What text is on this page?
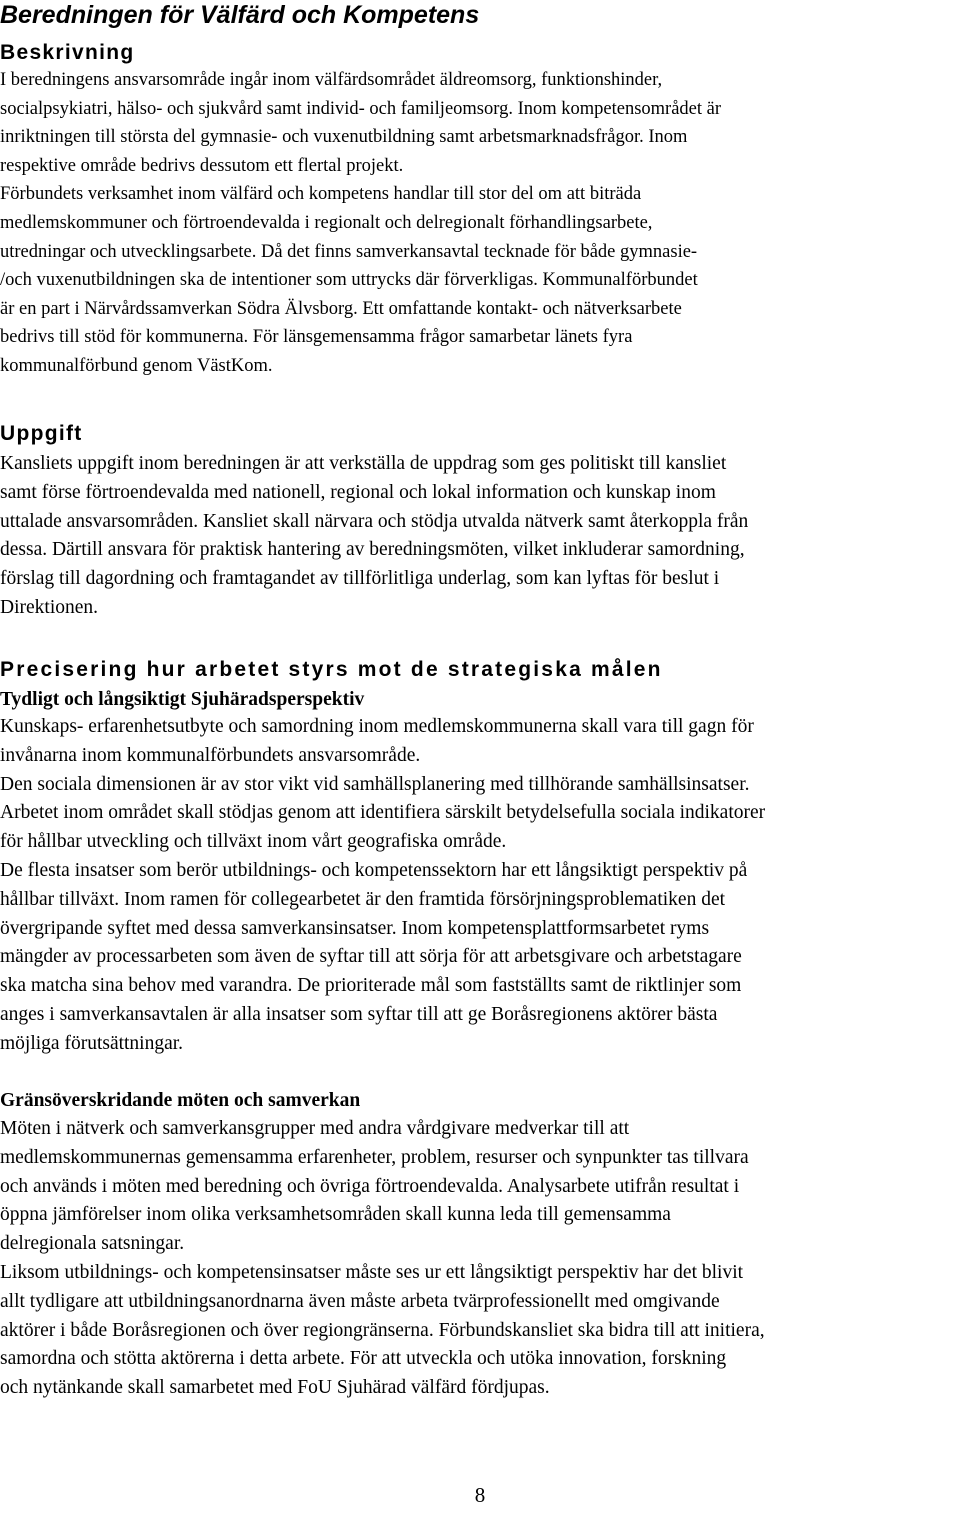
Beredningen för Välfärd och Kompetens
Beskrivning
I beredningens ansvarsområde ingår inom välfärdsområdet äldreomsorg, funktionshinder,
socialpsykiatri, hälso- och sjukvård samt individ- och familjeomsorg. Inom kompetensområdet är
inriktningen till största del gymnasie- och vuxenutbildning samt arbetsmarknadsfrågor. Inom
respektive område bedrivs dessutom ett flertal projekt.
Förbundets verksamhet inom välfärd och kompetens handlar till stor del om att biträda
medlemskommuner och förtroendevalda i regionalt och delregionalt förhandlingsarbete,
utredningar och utvecklingsarbete. Då det finns samverkansavtal tecknade för både gymnasie-
/och vuxenutbildningen ska de intentioner som uttrycks där förverkligas. Kommunalförbundet
är en part i Närvårdssamverkan Södra Älvsborg. Ett omfattande kontakt- och nätverksarbete
bedrivs till stöd för kommunerna. För länsgemensamma frågor samarbetar länets fyra
kommunalförbund genom VästKom.
Uppgift
Kansliets uppgift inom beredningen är att verkställa de uppdrag som ges politiskt till kansliet
samt förse förtroendevalda med nationell, regional och lokal information och kunskap inom
uttalade ansvarsområden. Kansliet skall närvara och stödja utvalda nätverk samt återkoppla från
dessa. Därtill ansvara för praktisk hantering av beredningsmöten, vilket inkluderar samordning,
förslag till dagordning och framtagandet av tillförlitliga underlag, som kan lyftas för beslut i
Direktionen.
Precisering hur arbetet styrs mot de strategiska målen
Tydligt och långsiktigt Sjuhäradsperspektiv
Kunskaps- erfarenhetsutbyte och samordning inom medlemskommunerna skall vara till gagn för
invånarna inom kommunalförbundets ansvarsområde.
Den sociala dimensionen är av stor vikt vid samhällsplanering med tillhörande samhällsinsatser.
Arbetet inom området skall stödjas genom att identifiera särskilt betydelsefulla sociala indikatorer
för hållbar utveckling och tillväxt inom vårt geografiska område.
De flesta insatser som berör utbildnings- och kompetenssektorn har ett långsiktigt perspektiv på
hållbar tillväxt. Inom ramen för collegearbetet är den framtida försörjningsproblematiken det
övergripande syftet med dessa samverkansinsatser. Inom kompetensplattformsarbetet ryms
mängder av processarbeten som även de syftar till att sörja för att arbetsgivare och arbetstagare
ska matcha sina behov med varandra. De prioriterade mål som fastställts samt de riktlinjer som
anges i samverkansavtalen är alla insatser som syftar till att ge Boråsregionens aktörer bästa
möjliga förutsättningar.
Gränsöverskridande möten och samverkan
Möten i nätverk och samverkansgrupper med andra vårdgivare medverkar till att
medlemskommunernas gemensamma erfarenheter, problem, resurser och synpunkter tas tillvara
och används i möten med beredning och övriga förtroendevalda. Analysarbete utifrån resultat i
öppna jämförelser inom olika verksamhetsområden skall kunna leda till gemensamma
delregionala satsningar.
Liksom utbildnings- och kompetensinsatser måste ses ur ett långsiktigt perspektiv har det blivit
allt tydligare att utbildningsanordnarna även måste arbeta tvärprofessionellt med omgivande
aktörer i både Boråsregionen och över regiongränserna. Förbundskansliet ska bidra till att initiera,
samordna och stötta aktörerna i detta arbete. För att utveckla och utöka innovation, forskning
och nytänkande skall samarbetet med FoU Sjuhärad välfärd fördjupas.
8
